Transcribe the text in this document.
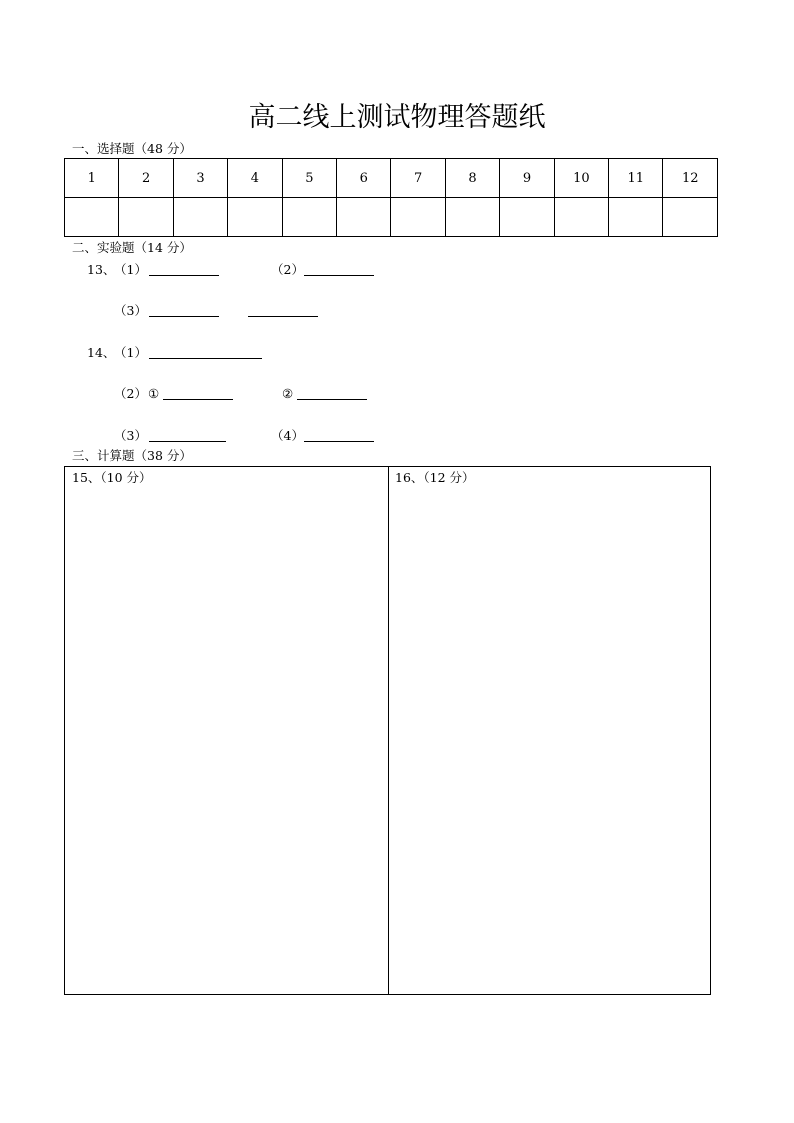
高二线上测试物理答题纸
一、选择题（48 分）
1	2	3	4	5	6	7	8	9	10	11	12

二、实验题（14 分）
13、
（1）	（2）
（3）
14、
（1）
（2） ①	②
（3）	（4）
三、计算题（38 分）
15、（10 分）	16、（12 分）
